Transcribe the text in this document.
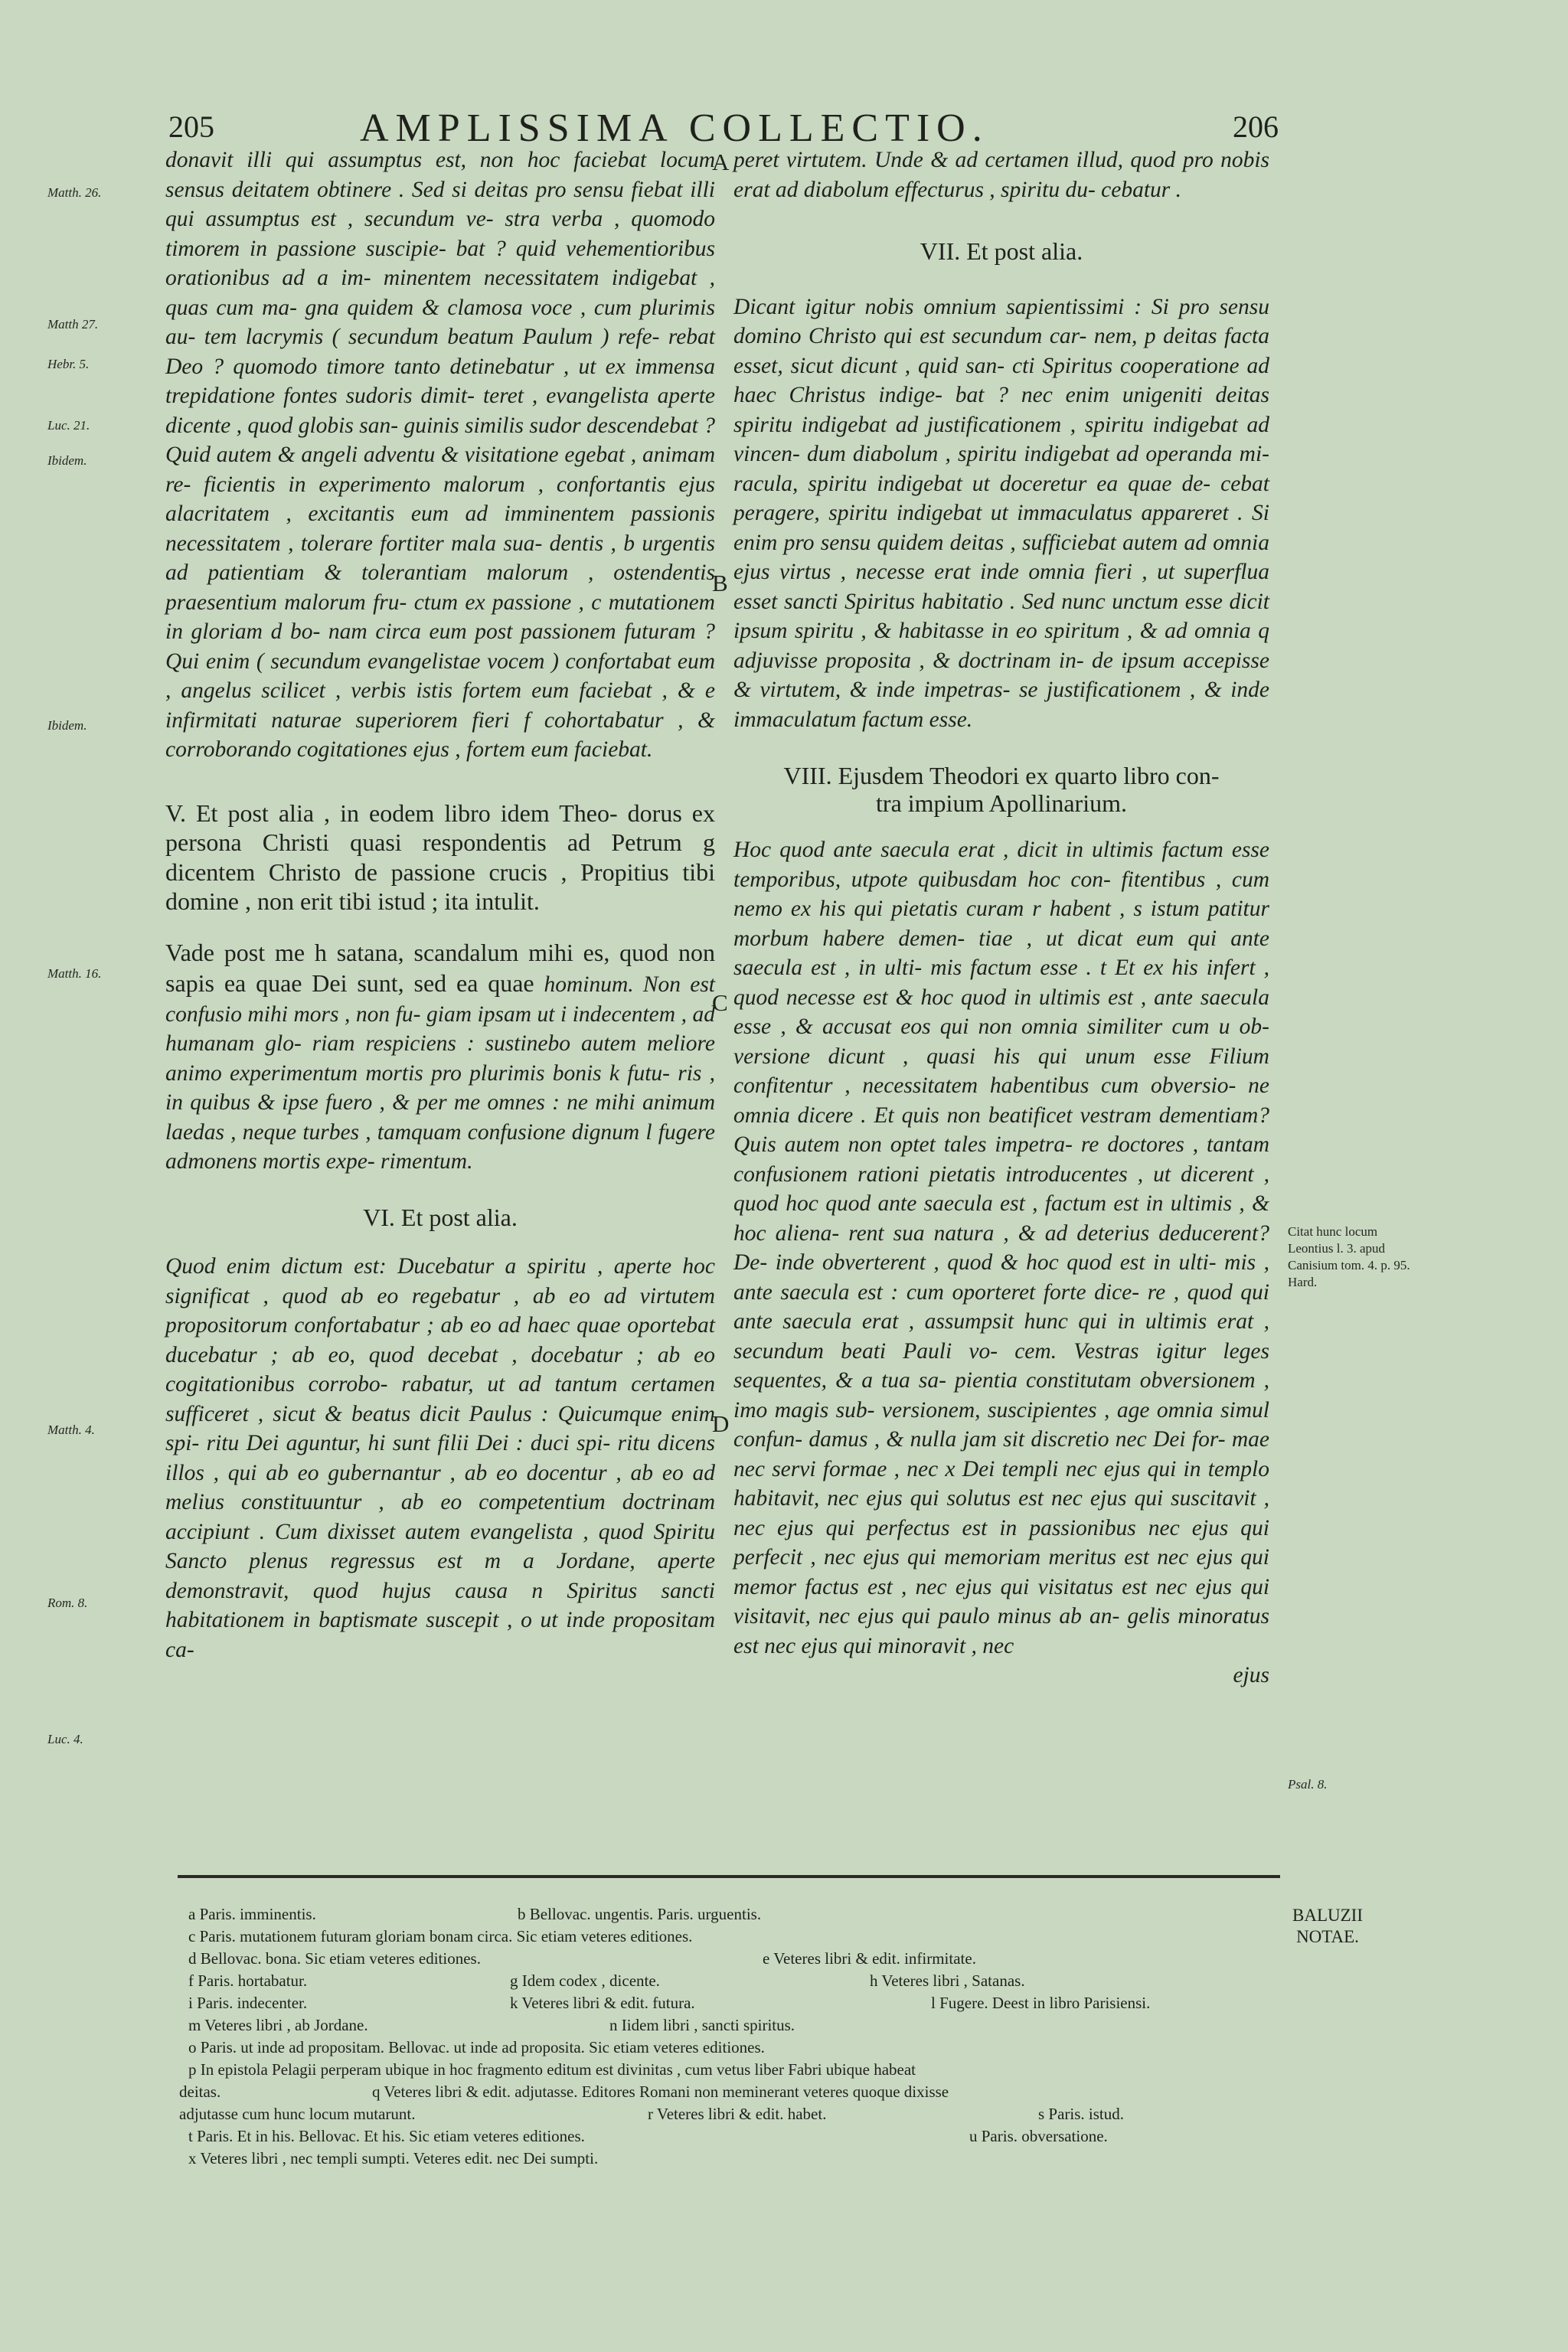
205	AMPLISSIMA COLLECTIO.	206
Matth. 26.
Matth 27.
Hebr. 5.
Luc. 21.
Ibidem.
Ibidem.
Matth. 16.
Matth. 4.
Rom. 8.
Luc. 4.
Citat hunc locum Leontius l. 3. apud Canisium tom. 4. p. 95. Hard.
Psal. 8.
A
B
C
D

donavit illi qui assumptus est, non hoc faciebat locum sensus deitatem obtinere . Sed si deitas pro sensu fiebat illi qui assumptus est , secundum ve- stra verba , quomodo timorem in passione suscipie- bat ? quid vehementioribus orationibus ad a im- minentem necessitatem indigebat , quas cum ma- gna quidem & clamosa voce , cum plurimis au- tem lacrymis ( secundum beatum Paulum ) refe- rebat Deo ? quomodo timore tanto detinebatur , ut ex immensa trepidatione fontes sudoris dimit- teret , evangelista aperte dicente , quod globis san- guinis similis sudor descendebat ? Quid autem & angeli adventu & visitatione egebat , animam re- ficientis in experimento malorum , confortantis ejus alacritatem , excitantis eum ad imminentem passionis necessitatem , tolerare fortiter mala sua- dentis , b urgentis ad patientiam & tolerantiam malorum , ostendentis praesentium malorum fru- ctum ex passione , c mutationem in gloriam d bo- nam circa eum post passionem futuram ? Qui enim ( secundum evangelistae vocem ) confortabat eum , angelus scilicet , verbis istis fortem eum faciebat , & e infirmitati naturae superiorem fieri f cohortabatur , & corroborando cogitationes ejus , fortem eum faciebat.

V. Et post alia , in eodem libro idem Theo- dorus ex persona Christi quasi respondentis ad Petrum g dicentem Christo de passione crucis , Propitius tibi domine , non erit tibi istud ; ita intulit.

Vade post me h satana, scandalum mihi es, quod non sapis ea quae Dei sunt, sed ea quae hominum. Non est confusio mihi mors , non fu- giam ipsam ut i indecentem , ad humanam glo- riam respiciens : sustinebo autem meliore animo experimentum mortis pro plurimis bonis k futu- ris , in quibus & ipse fuero , & per me omnes : ne mihi animum laedas , neque turbes , tamquam confusione dignum l fugere admonens mortis expe- rimentum.

VI. Et post alia.

Quod enim dictum est: Ducebatur a spiritu , aperte hoc significat , quod ab eo regebatur , ab eo ad virtutem propositorum confortabatur ; ab eo ad haec quae oportebat ducebatur ; ab eo, quod decebat , docebatur ; ab eo cogitationibus corrobo- rabatur, ut ad tantum certamen sufficeret , sicut & beatus dicit Paulus : Quicumque enim spi- ritu Dei aguntur, hi sunt filii Dei : duci spi- ritu dicens illos , qui ab eo gubernantur , ab eo docentur , ab eo ad melius constituuntur , ab eo competentium doctrinam accipiunt . Cum dixisset autem evangelista , quod Spiritu Sancto plenus regressus est m a Jordane, aperte demonstravit, quod hujus causa n Spiritus sancti habitationem in baptismate suscepit , o ut inde propositam ca-

peret virtutem. Unde & ad certamen illud, quod pro nobis erat ad diabolum effecturus , spiritu du- cebatur .

VII. Et post alia.

Dicant igitur nobis omnium sapientissimi : Si pro sensu domino Christo qui est secundum car- nem, p deitas facta esset, sicut dicunt , quid san- cti Spiritus cooperatione ad haec Christus indige- bat ? nec enim unigeniti deitas spiritu indigebat ad justificationem , spiritu indigebat ad vincen- dum diabolum , spiritu indigebat ad operanda mi- racula, spiritu indigebat ut doceretur ea quae de- cebat peragere, spiritu indigebat ut immaculatus appareret . Si enim pro sensu quidem deitas , sufficiebat autem ad omnia ejus virtus , necesse erat inde omnia fieri , ut superflua esset sancti Spiritus habitatio . Sed nunc unctum esse dicit ipsum spiritu , & habitasse in eo spiritum , & ad omnia q adjuvisse proposita , & doctrinam in- de ipsum accepisse & virtutem, & inde impetras- se justificationem , & inde immaculatum factum esse.

VIII. Ejusdem Theodori ex quarto libro con-
tra impium Apollinarium.

Hoc quod ante saecula erat , dicit in ultimis factum esse temporibus, utpote quibusdam hoc con- fitentibus , cum nemo ex his qui pietatis curam r habent , s istum patitur morbum habere demen- tiae , ut dicat eum qui ante saecula est , in ulti- mis factum esse . t Et ex his infert , quod necesse est & hoc quod in ultimis est , ante saecula esse , & accusat eos qui non omnia similiter cum u ob- versione dicunt , quasi his qui unum esse Filium confitentur , necessitatem habentibus cum obversio- ne omnia dicere . Et quis non beatificet vestram dementiam? Quis autem non optet tales impetra- re doctores , tantam confusionem rationi pietatis introducentes , ut dicerent , quod hoc quod ante saecula est , factum est in ultimis , & hoc aliena- rent sua natura , & ad deterius deducerent? De- inde obverterent , quod & hoc quod est in ulti- mis , ante saecula est : cum oporteret forte dice- re , quod qui ante saecula erat , assumpsit hunc qui in ultimis erat , secundum beati Pauli vo- cem. Vestras igitur leges sequentes, & a tua sa- pientia constitutam obversionem , imo magis sub- versionem, suscipientes , age omnia simul confun- damus , & nulla jam sit discretio nec Dei for- mae nec servi formae , nec x Dei templi nec ejus qui in templo habitavit, nec ejus qui solutus est nec ejus qui suscitavit , nec ejus qui perfectus est in passionibus nec ejus qui perfecit , nec ejus qui memoriam meritus est nec ejus qui memor factus est , nec ejus qui visitatus est nec ejus qui visitavit, nec ejus qui paulo minus ab an- gelis minoratus est nec ejus qui minoravit , nec
ejus

BALUZII
NOTAE.
a Paris. imminentis.	b Bellovac. ungentis. Paris. urguentis.
c Paris. mutationem futuram gloriam bonam circa. Sic etiam veteres editiones.
d Bellovac. bona. Sic etiam veteres editiones.	e Veteres libri & edit. infirmitate.
f Paris. hortabatur.	g Idem codex , dicente.	h Veteres libri , Satanas.
i Paris. indecenter.	k Veteres libri & edit. futura.	l Fugere. Deest in libro Parisiensi.
m Veteres libri , ab Jordane.	n Iidem libri , sancti spiritus.
o Paris. ut inde ad propositam. Bellovac. ut inde ad proposita. Sic etiam veteres editiones.
p In epistola Pelagii perperam ubique in hoc fragmento editum est divinitas , cum vetus liber Fabri ubique habeat
deitas.	q Veteres libri & edit. adjutasse. Editores Romani non meminerant veteres quoque dixisse
adjutasse cum hunc locum mutarunt.	r Veteres libri & edit. habet.	s Paris. istud.
t Paris. Et in his. Bellovac. Et his. Sic etiam veteres editiones.	u Paris. obversatione.
x Veteres libri , nec templi sumpti. Veteres edit. nec Dei sumpti.
